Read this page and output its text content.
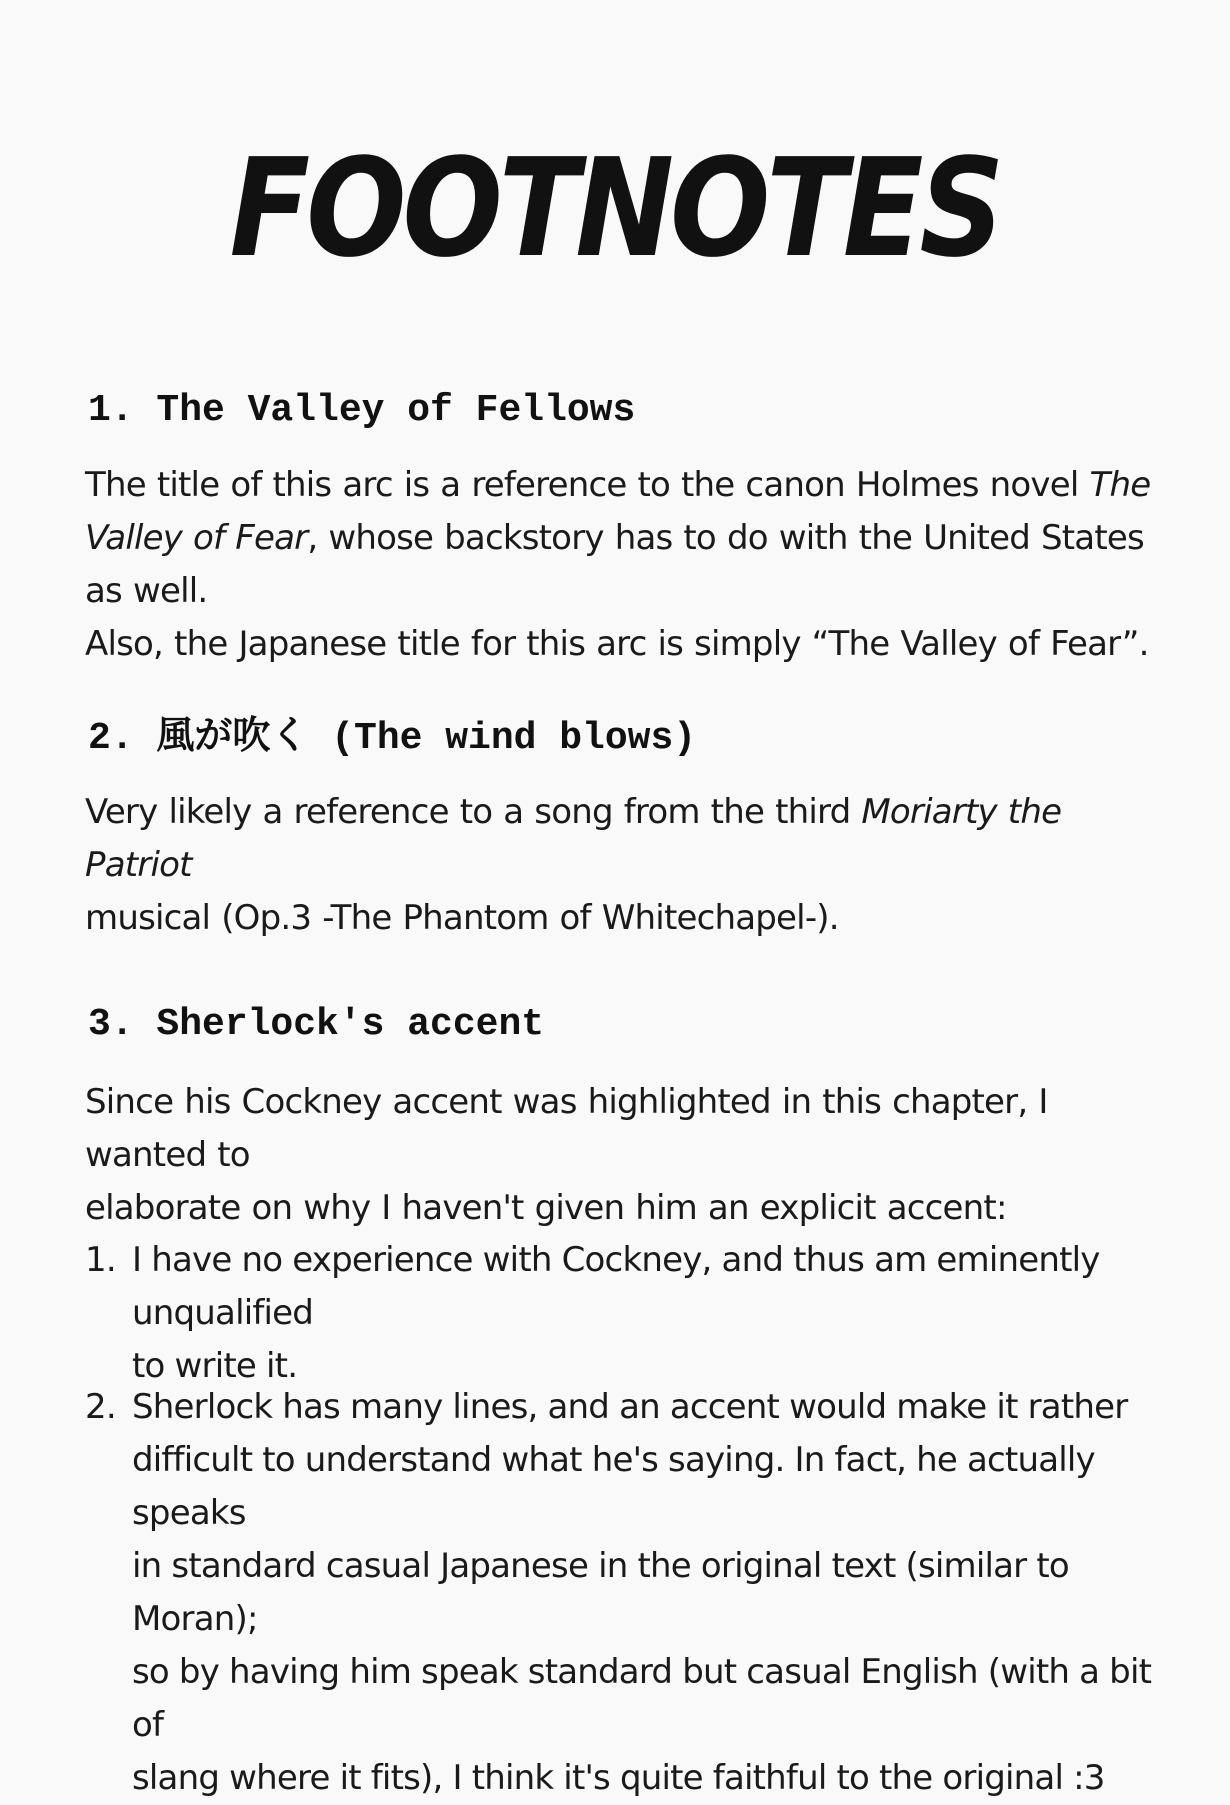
FOOTNOTES
1. The Valley of Fellows
The title of this arc is a reference to the canon Holmes novel The Valley of Fear, whose backstory has to do with the United States as well.
Also, the Japanese title for this arc is simply “The Valley of Fear”.
2. 風が吹く (The wind blows)
Very likely a reference to a song from the third Moriarty the Patriot
musical (Op.3 -The Phantom of Whitechapel-).
3. Sherlock's accent
Since his Cockney accent was highlighted in this chapter, I wanted to
elaborate on why I haven't given him an explicit accent:
1. I have no experience with Cockney, and thus am eminently unqualified
to write it.
2. Sherlock has many lines, and an accent would make it rather
difficult to understand what he's saying. In fact, he actually speaks
in standard casual Japanese in the original text (similar to Moran);
so by having him speak standard but casual English (with a bit of
slang where it fits), I think it's quite faithful to the original :3
